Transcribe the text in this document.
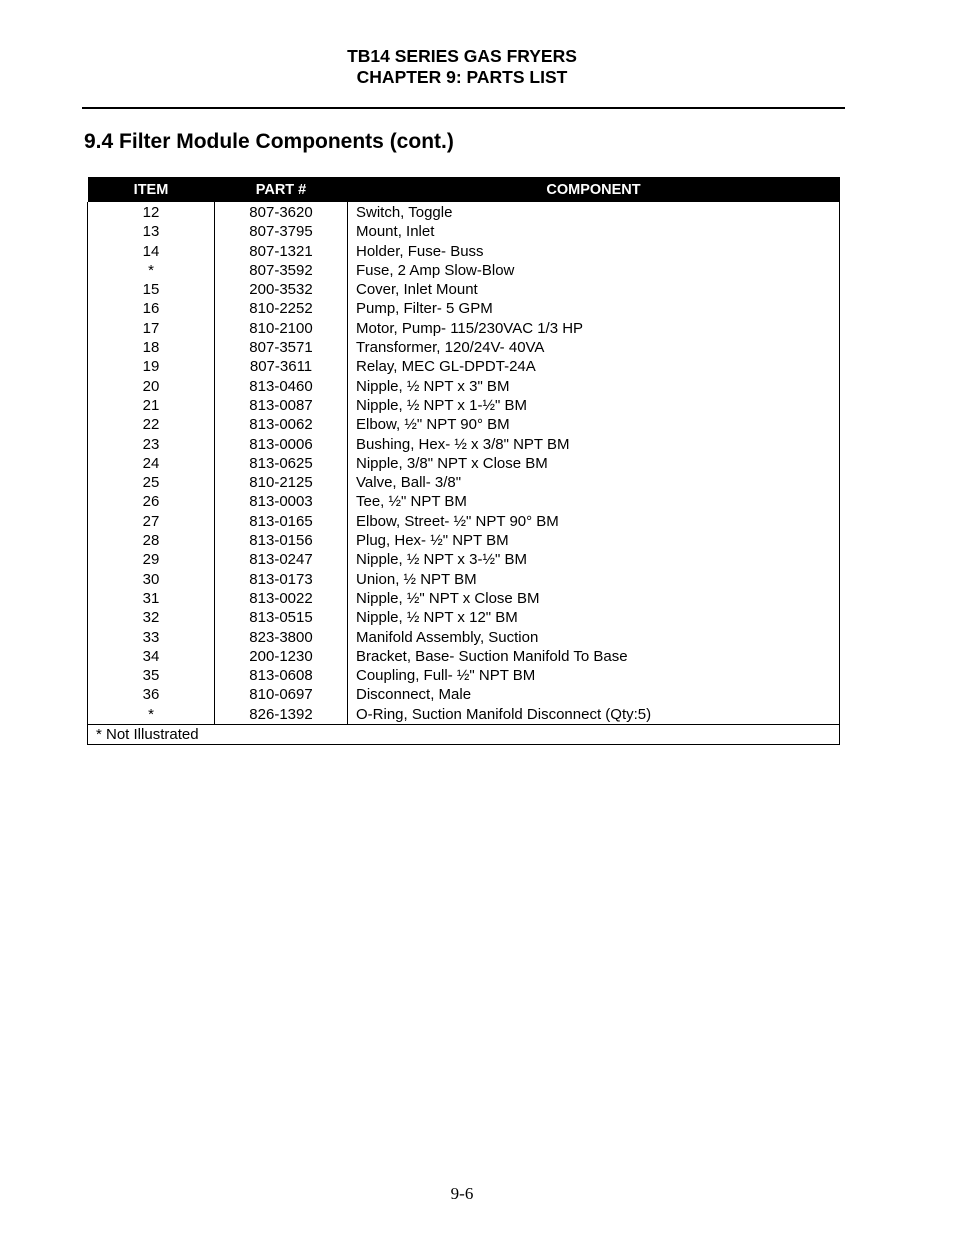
TB14 SERIES GAS FRYERS
CHAPTER 9: PARTS LIST
9.4 Filter Module Components (cont.)
ITEM	PART #	COMPONENT
12	807-3620	Switch, Toggle
13	807-3795	Mount, Inlet
14	807-1321	Holder, Fuse- Buss
*	807-3592	Fuse, 2 Amp Slow-Blow
15	200-3532	Cover, Inlet Mount
16	810-2252	Pump, Filter- 5 GPM
17	810-2100	Motor, Pump- 115/230VAC 1/3 HP
18	807-3571	Transformer, 120/24V- 40VA
19	807-3611	Relay, MEC GL-DPDT-24A
20	813-0460	Nipple, ½ NPT x 3" BM
21	813-0087	Nipple, ½ NPT x 1-½" BM
22	813-0062	Elbow, ½" NPT 90° BM
23	813-0006	Bushing, Hex- ½ x 3/8" NPT BM
24	813-0625	Nipple, 3/8" NPT x Close BM
25	810-2125	Valve, Ball- 3/8"
26	813-0003	Tee, ½" NPT BM
27	813-0165	Elbow, Street- ½" NPT 90° BM
28	813-0156	Plug, Hex- ½" NPT BM
29	813-0247	Nipple, ½ NPT x 3-½" BM
30	813-0173	Union, ½ NPT BM
31	813-0022	Nipple, ½" NPT x Close BM
32	813-0515	Nipple, ½ NPT x 12" BM
33	823-3800	Manifold Assembly, Suction
34	200-1230	Bracket, Base- Suction Manifold To Base
35	813-0608	Coupling, Full- ½" NPT BM
36	810-0697	Disconnect, Male
*	826-1392	O-Ring, Suction Manifold Disconnect (Qty:5)
* Not Illustrated		
9-6
